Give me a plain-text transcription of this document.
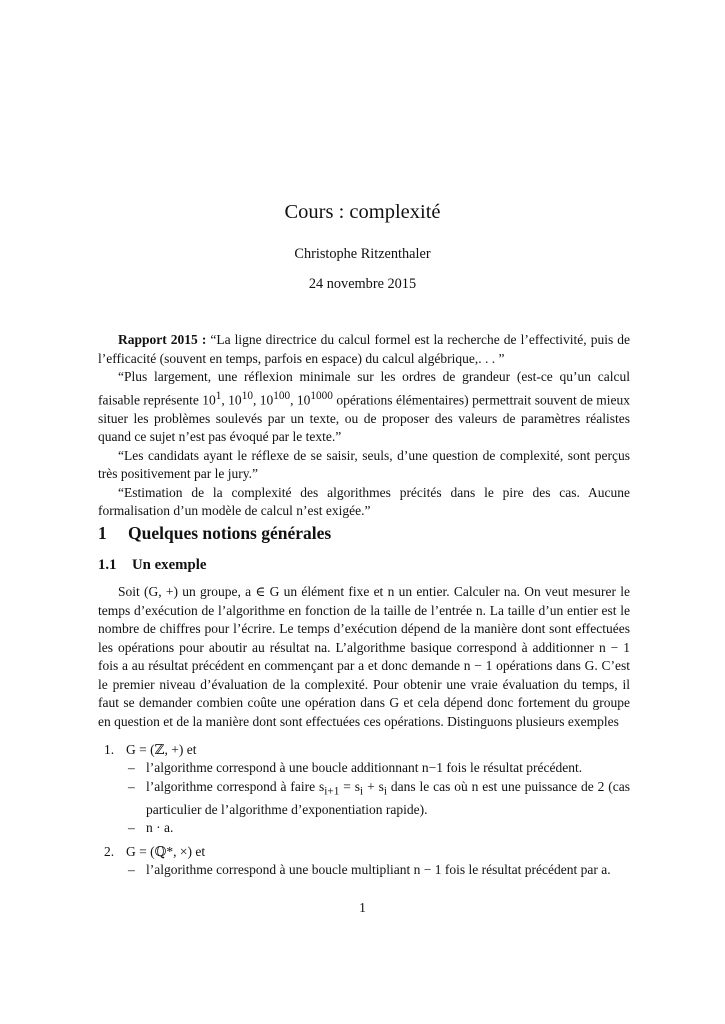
Cours : complexité
Christophe Ritzenthaler
24 novembre 2015

Rapport 2015 : “La ligne directrice du calcul formel est la recherche de l’effectivité, puis de l’efficacité (souvent en temps, parfois en espace) du calcul algébrique,. . . ”

“Plus largement, une réflexion minimale sur les ordres de grandeur (est-ce qu’un calcul faisable représente $10^1$, $10^{10}$, $10^{100}$, $10^{1000}$ opérations élémentaires) permettrait souvent de mieux situer les problèmes soulevés par un texte, ou de proposer des valeurs de paramètres réalistes quand ce sujet n’est pas évoqué par le texte.”

“Les candidats ayant le réflexe de se saisir, seuls, d’une question de complexité, sont perçus très positivement par le jury.”

“Estimation de la complexité des algorithmes précités dans le pire des cas. Aucune formalisation d’un modèle de calcul n’est exigée.”

1 Quelques notions générales
1.1 Un exemple

Soit (G, +) un groupe, a ∈ G un élément fixe et n un entier. Calculer na. On veut mesurer le temps d’exécution de l’algorithme en fonction de la taille de l’entrée n. La taille d’un entier est le nombre de chiffres pour l’écrire. Le temps d’exécution dépend de la manière dont sont effectuées les opérations pour aboutir au résultat na. L’algorithme basique correspond à additionner n − 1 fois a au résultat précédent en commençant par a et donc demande n − 1 opérations dans G. C’est le premier niveau d’évaluation de la complexité. Pour obtenir une vraie évaluation du temps, il faut se demander combien coûte une opération dans G et cela dépend donc fortement du groupe en question et de la manière dont sont effectuées ces opérations. Distinguons plusieurs exemples

1. G = (ℤ, +) et
– l’algorithme correspond à une boucle additionnant n−1 fois le résultat précédent.
– l’algorithme correspond à faire $s_{i+1} = s_i + s_i$ dans le cas où n est une puissance de 2 (cas particulier de l’algorithme d’exponentiation rapide).
– n · a.
2. G = (ℚ*, ×) et
– l’algorithme correspond à une boucle multipliant n − 1 fois le résultat précédent par a.
1
